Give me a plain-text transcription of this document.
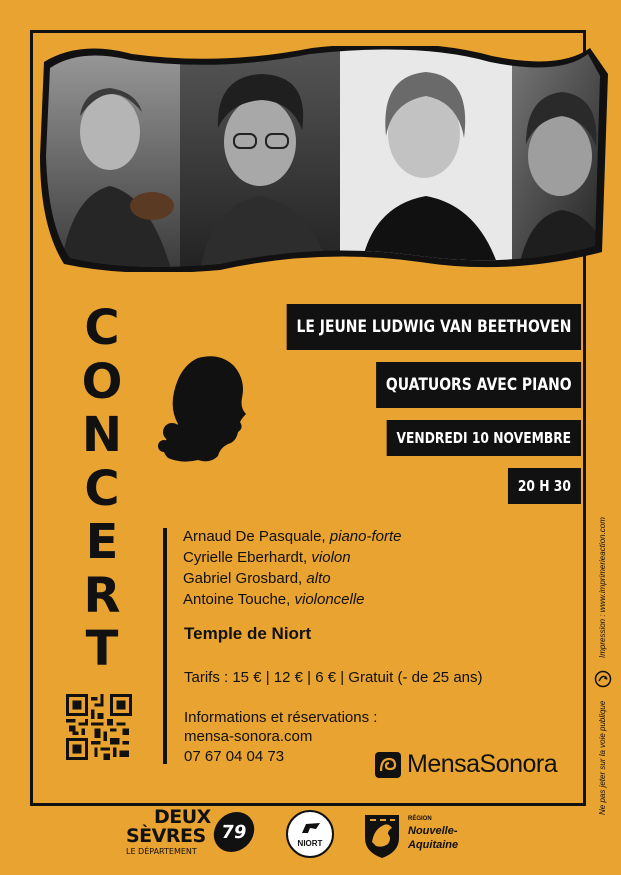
C
O
N
C
E
R
T
LE JEUNE LUDWIG VAN BEETHOVEN
QUATUORS AVEC PIANO
VENDREDI 10 NOVEMBRE
20 H 30
Arnaud De Pasquale, piano-forte
Cyrielle Eberhardt, violon
Gabriel Grosbard, alto
Antoine Touche, violoncelle
Temple de Niort
Tarifs : 15 € | 12 € | 6 € | Gratuit (- de 25 ans)
Informations et réservations :
mensa-sonora.com
07 67 04 04 73
Impression : www.imprimerieaction.com
Ne pas jeter sur la voie publique
MensaSonora
DEUX
SÈVRES
LE DÉPARTEMENT
79
NIORT
RÉGION
Nouvelle-
Aquitaine
